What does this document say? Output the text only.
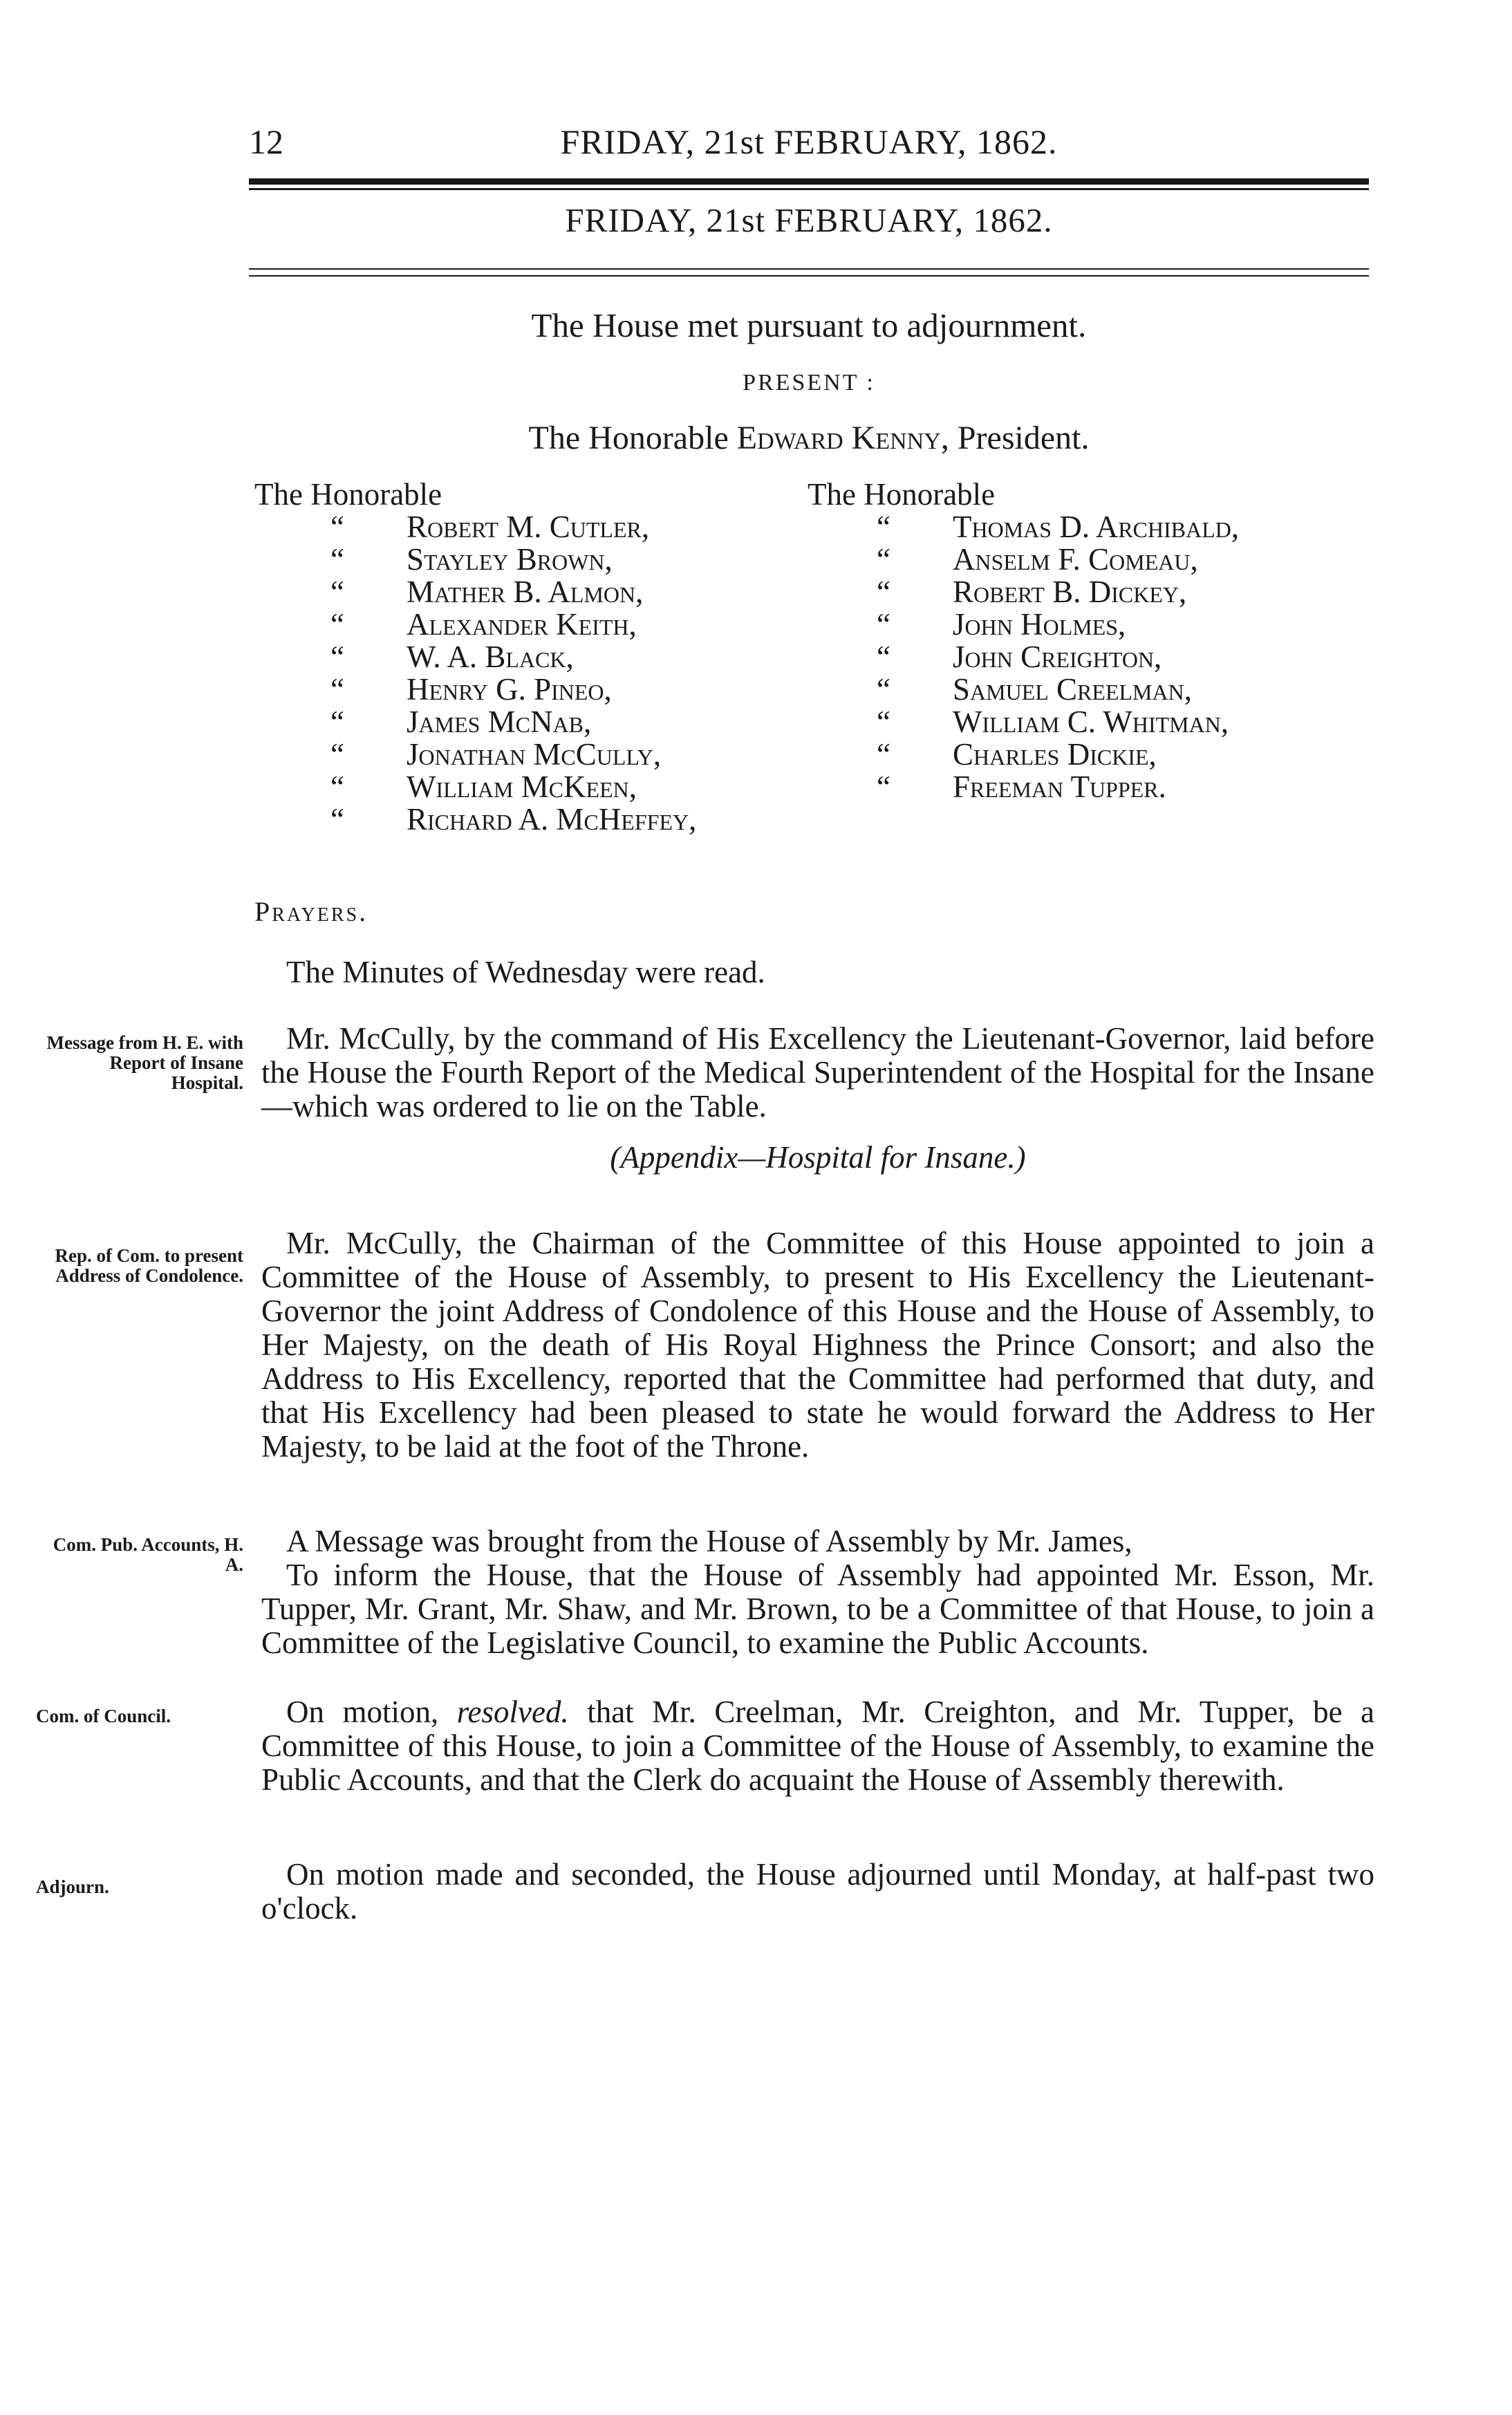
12	FRIDAY, 21st FEBRUARY, 1862.
FRIDAY, 21st FEBRUARY, 1862.
The House met pursuant to adjournment.
PRESENT :
The Honorable Edward Kenny, President.
The Honorable
“ Robert M. Cutler,
“ Stayley Brown,
“ Mather B. Almon,
“ Alexander Keith,
“ W. A. Black,
“ Henry G. Pineo,
“ James McNab,
“ Jonathan McCully,
“ William McKeen,
“ Richard A. McHeffey,
The Honorable
“ Thomas D. Archibald,
“ Anselm F. Comeau,
“ Robert B. Dickey,
“ John Holmes,
“ John Creighton,
“ Samuel Creelman,
“ William C. Whitman,
“ Charles Dickie,
“ Freeman Tupper.
Prayers.
The Minutes of Wednesday were read.
Message from H. E. with Report of Insane Hospital.
Mr. McCully, by the command of His Excellency the Lieutenant-Governor, laid before the House the Fourth Report of the Medical Superintendent of the Hospital for the Insane—which was ordered to lie on the Table.
(Appendix—Hospital for Insane.)
Rep. of Com. to present Address of Condolence.
Mr. McCully, the Chairman of the Committee of this House appointed to join a Committee of the House of Assembly, to present to His Excellency the Lieutenant-Governor the joint Address of Condolence of this House and the House of Assembly, to Her Majesty, on the death of His Royal Highness the Prince Consort; and also the Address to His Excellency, reported that the Committee had performed that duty, and that His Excellency had been pleased to state he would forward the Address to Her Majesty, to be laid at the foot of the Throne.
Com. Pub. Accounts, H. A.
A Message was brought from the House of Assembly by Mr. James,
To inform the House, that the House of Assembly had appointed Mr. Esson, Mr. Tupper, Mr. Grant, Mr. Shaw, and Mr. Brown, to be a Committee of that House, to join a Committee of the Legislative Council, to examine the Public Accounts.
Com. of Council.	On motion, resolved. that Mr. Creelman, Mr. Creighton, and Mr. Tupper, be a Committee of this House, to join a Committee of the House of Assembly, to examine the Public Accounts, and that the Clerk do acquaint the House of Assembly therewith.
Adjourn.	On motion made and seconded, the House adjourned until Monday, at half-past two o'clock.
